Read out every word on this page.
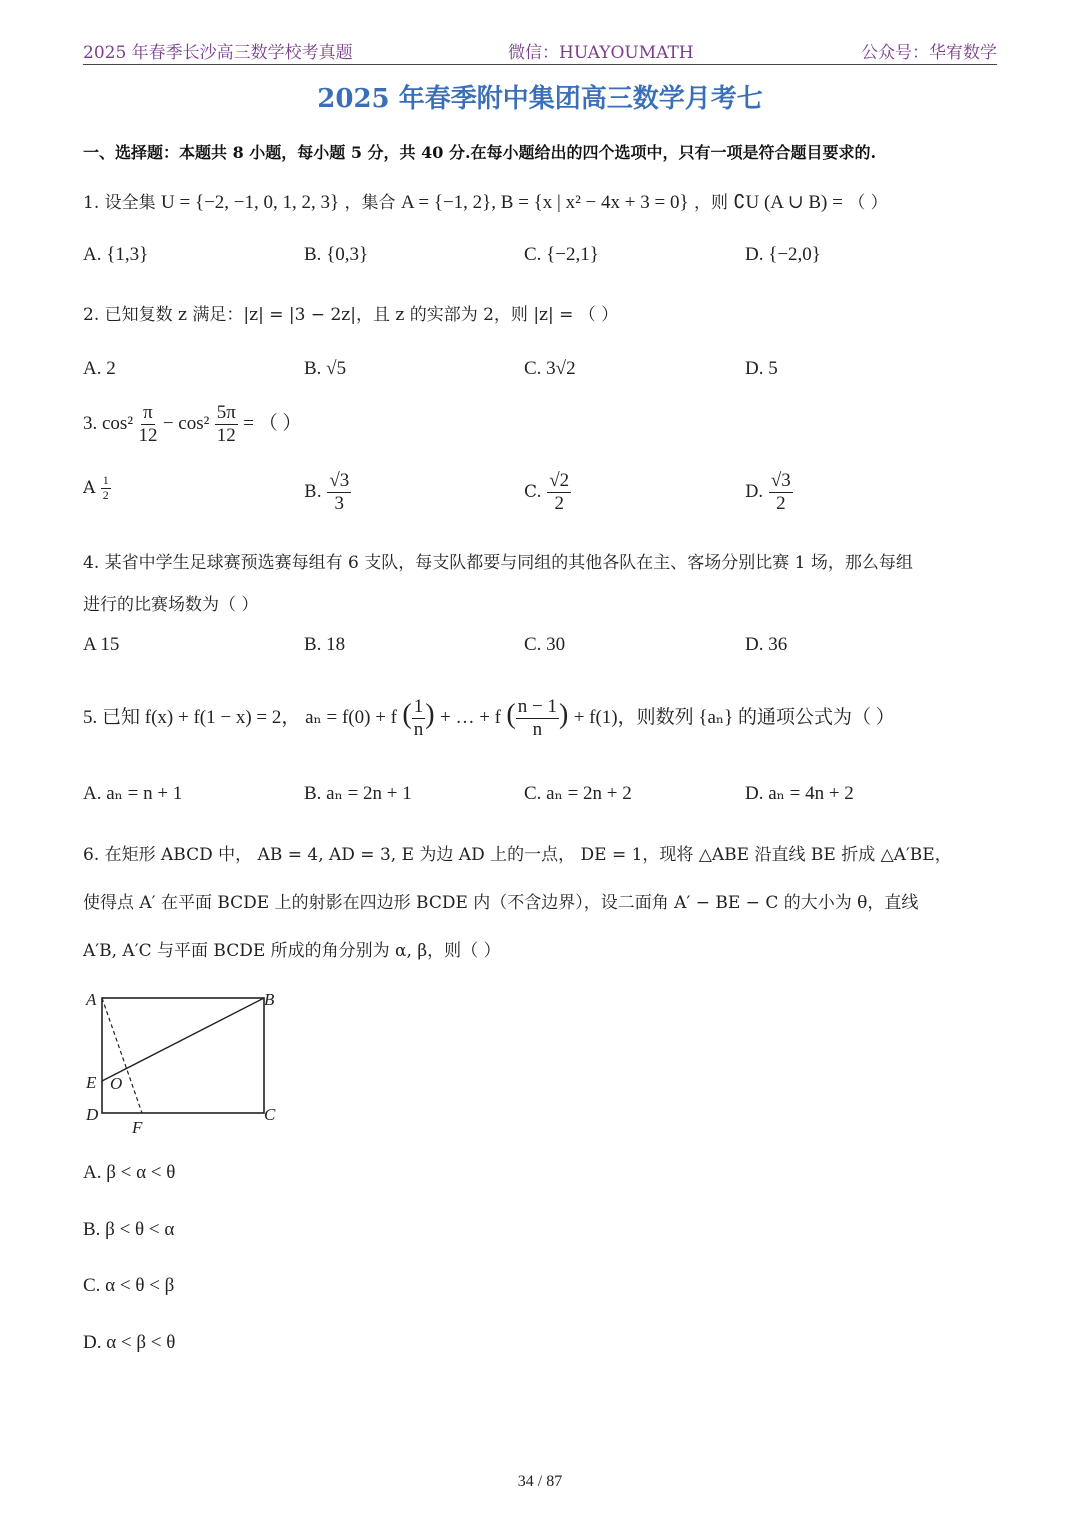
2025 年春季长沙高三数学校考真题	微信：HUAYOUMATH	公众号：华宥数学
2025 年春季附中集团高三数学月考七
一、选择题：本题共 8 小题，每小题 5 分，共 40 分.在每小题给出的四个选项中，只有一项是符合题目要求的.
1. 设全集 U = {−2, −1, 0, 1, 2, 3} ，集合 A = {−1, 2}, B = {x | x² − 4x + 3 = 0} ，则 ∁U (A ∪ B) = （ ）
A. {1,3}	B. {0,3}	C. {−2,1}	D. {−2,0}
2. 已知复数 z 满足：|z| = |3 − 2z|，且 z 的实部为 2，则 |z| = （ ）
A. 2	B. √5	C. 3√2	D. 5
3. $\cos^2 \frac{\pi}{12} - \cos^2 \frac{5\pi}{12}$ = （ ）
A $\frac{1}{2}$	B. $\frac{√3}{3}$	C. $\frac{√2}{2}$	D. $\frac{√3}{2}$
4. 某省中学生足球赛预选赛每组有 6 支队，每支队都要与同组的其他各队在主、客场分别比赛 1 场，那么每组
进行的比赛场数为（ ）
A 15	B. 18	C. 30	D. 36
5. 已知 f(x) + f(1 − x) = 2， aₙ = f(0) + f ( $\frac{1}{n}$ ) + … + f ( $\frac{n - 1}{n}$ ) + f(1)，则数列 {aₙ} 的通项公式为（ ）
A. aₙ = n + 1	B. aₙ = 2n + 1	C. aₙ = 2n + 2	D. aₙ = 4n + 2
6. 在矩形 ABCD 中， AB = 4, AD = 3, E 为边 AD 上的一点， DE = 1，现将 △ABE 沿直线 BE 折成 △A′BE，
使得点 A′ 在平面 BCDE 上的射影在四边形 BCDE 内（不含边界），设二面角 A′ − BE − C 的大小为 θ，直线
A′B, A′C 与平面 BCDE 所成的角分别为 α, β，则（ ）
A	B
C
D
E O
F
A. β < α < θ
B. β < θ < α
C. α < θ < β
D. α < β < θ
34 / 87
